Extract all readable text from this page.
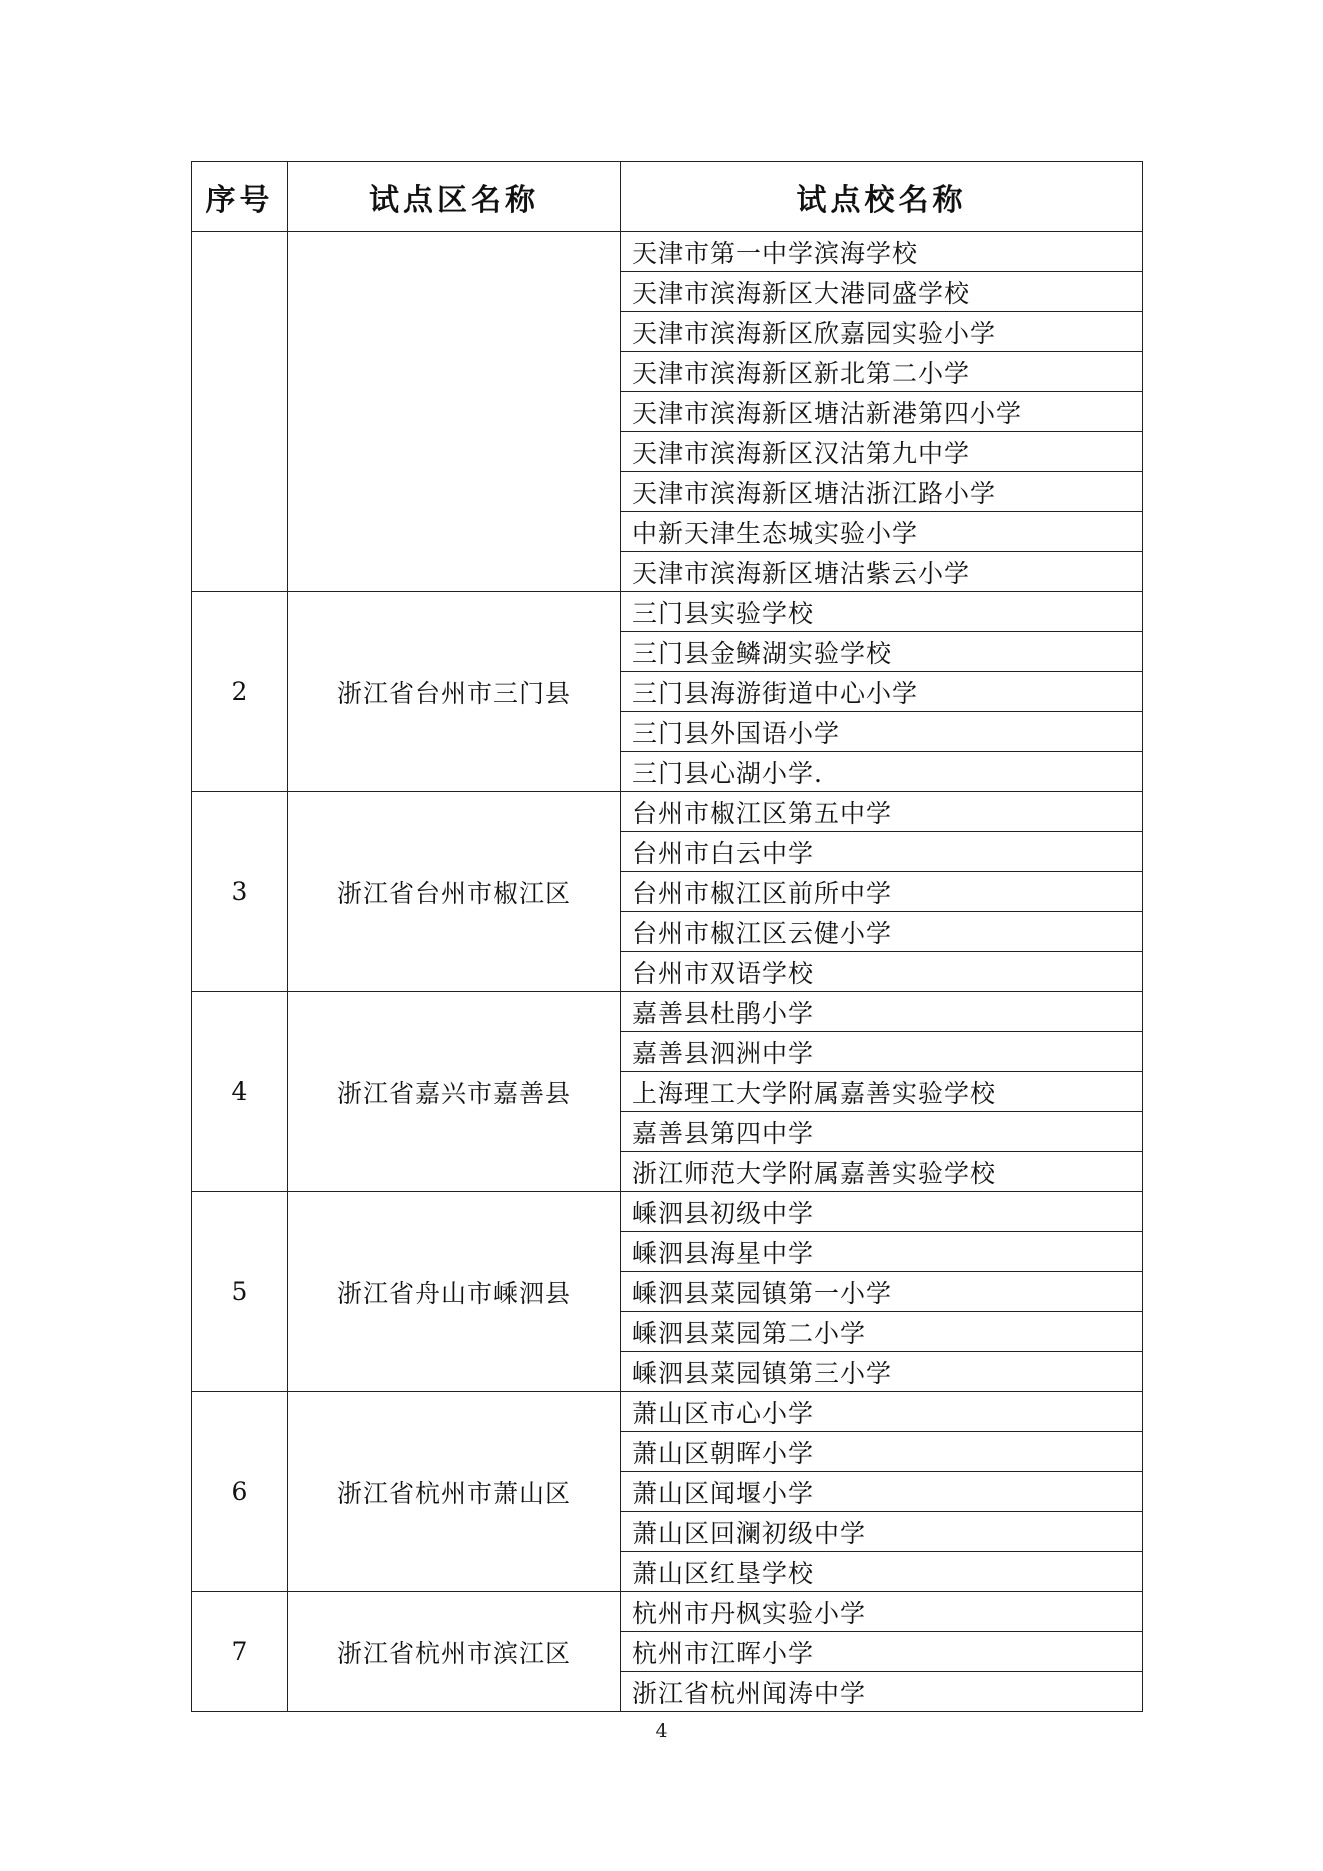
序号	试点区名称	试点校名称
		天津市第一中学滨海学校
		天津市滨海新区大港同盛学校
		天津市滨海新区欣嘉园实验小学
		天津市滨海新区新北第二小学
		天津市滨海新区塘沽新港第四小学
		天津市滨海新区汉沽第九中学
		天津市滨海新区塘沽浙江路小学
		中新天津生态城实验小学
		天津市滨海新区塘沽紫云小学
2	浙江省台州市三门县	三门县实验学校
		三门县金鳞湖实验学校
		三门县海游街道中心小学
		三门县外国语小学
		三门县心湖小学.
3	浙江省台州市椒江区	台州市椒江区第五中学
		台州市白云中学
		台州市椒江区前所中学
		台州市椒江区云健小学
		台州市双语学校
4	浙江省嘉兴市嘉善县	嘉善县杜鹃小学
		嘉善县泗洲中学
		上海理工大学附属嘉善实验学校
		嘉善县第四中学
		浙江师范大学附属嘉善实验学校
5	浙江省舟山市嵊泗县	嵊泗县初级中学
		嵊泗县海星中学
		嵊泗县菜园镇第一小学
		嵊泗县菜园第二小学
		嵊泗县菜园镇第三小学
6	浙江省杭州市萧山区	萧山区市心小学
		萧山区朝晖小学
		萧山区闻堰小学
		萧山区回澜初级中学
		萧山区红垦学校
7	浙江省杭州市滨江区	杭州市丹枫实验小学
		杭州市江晖小学
		浙江省杭州闻涛中学
4
